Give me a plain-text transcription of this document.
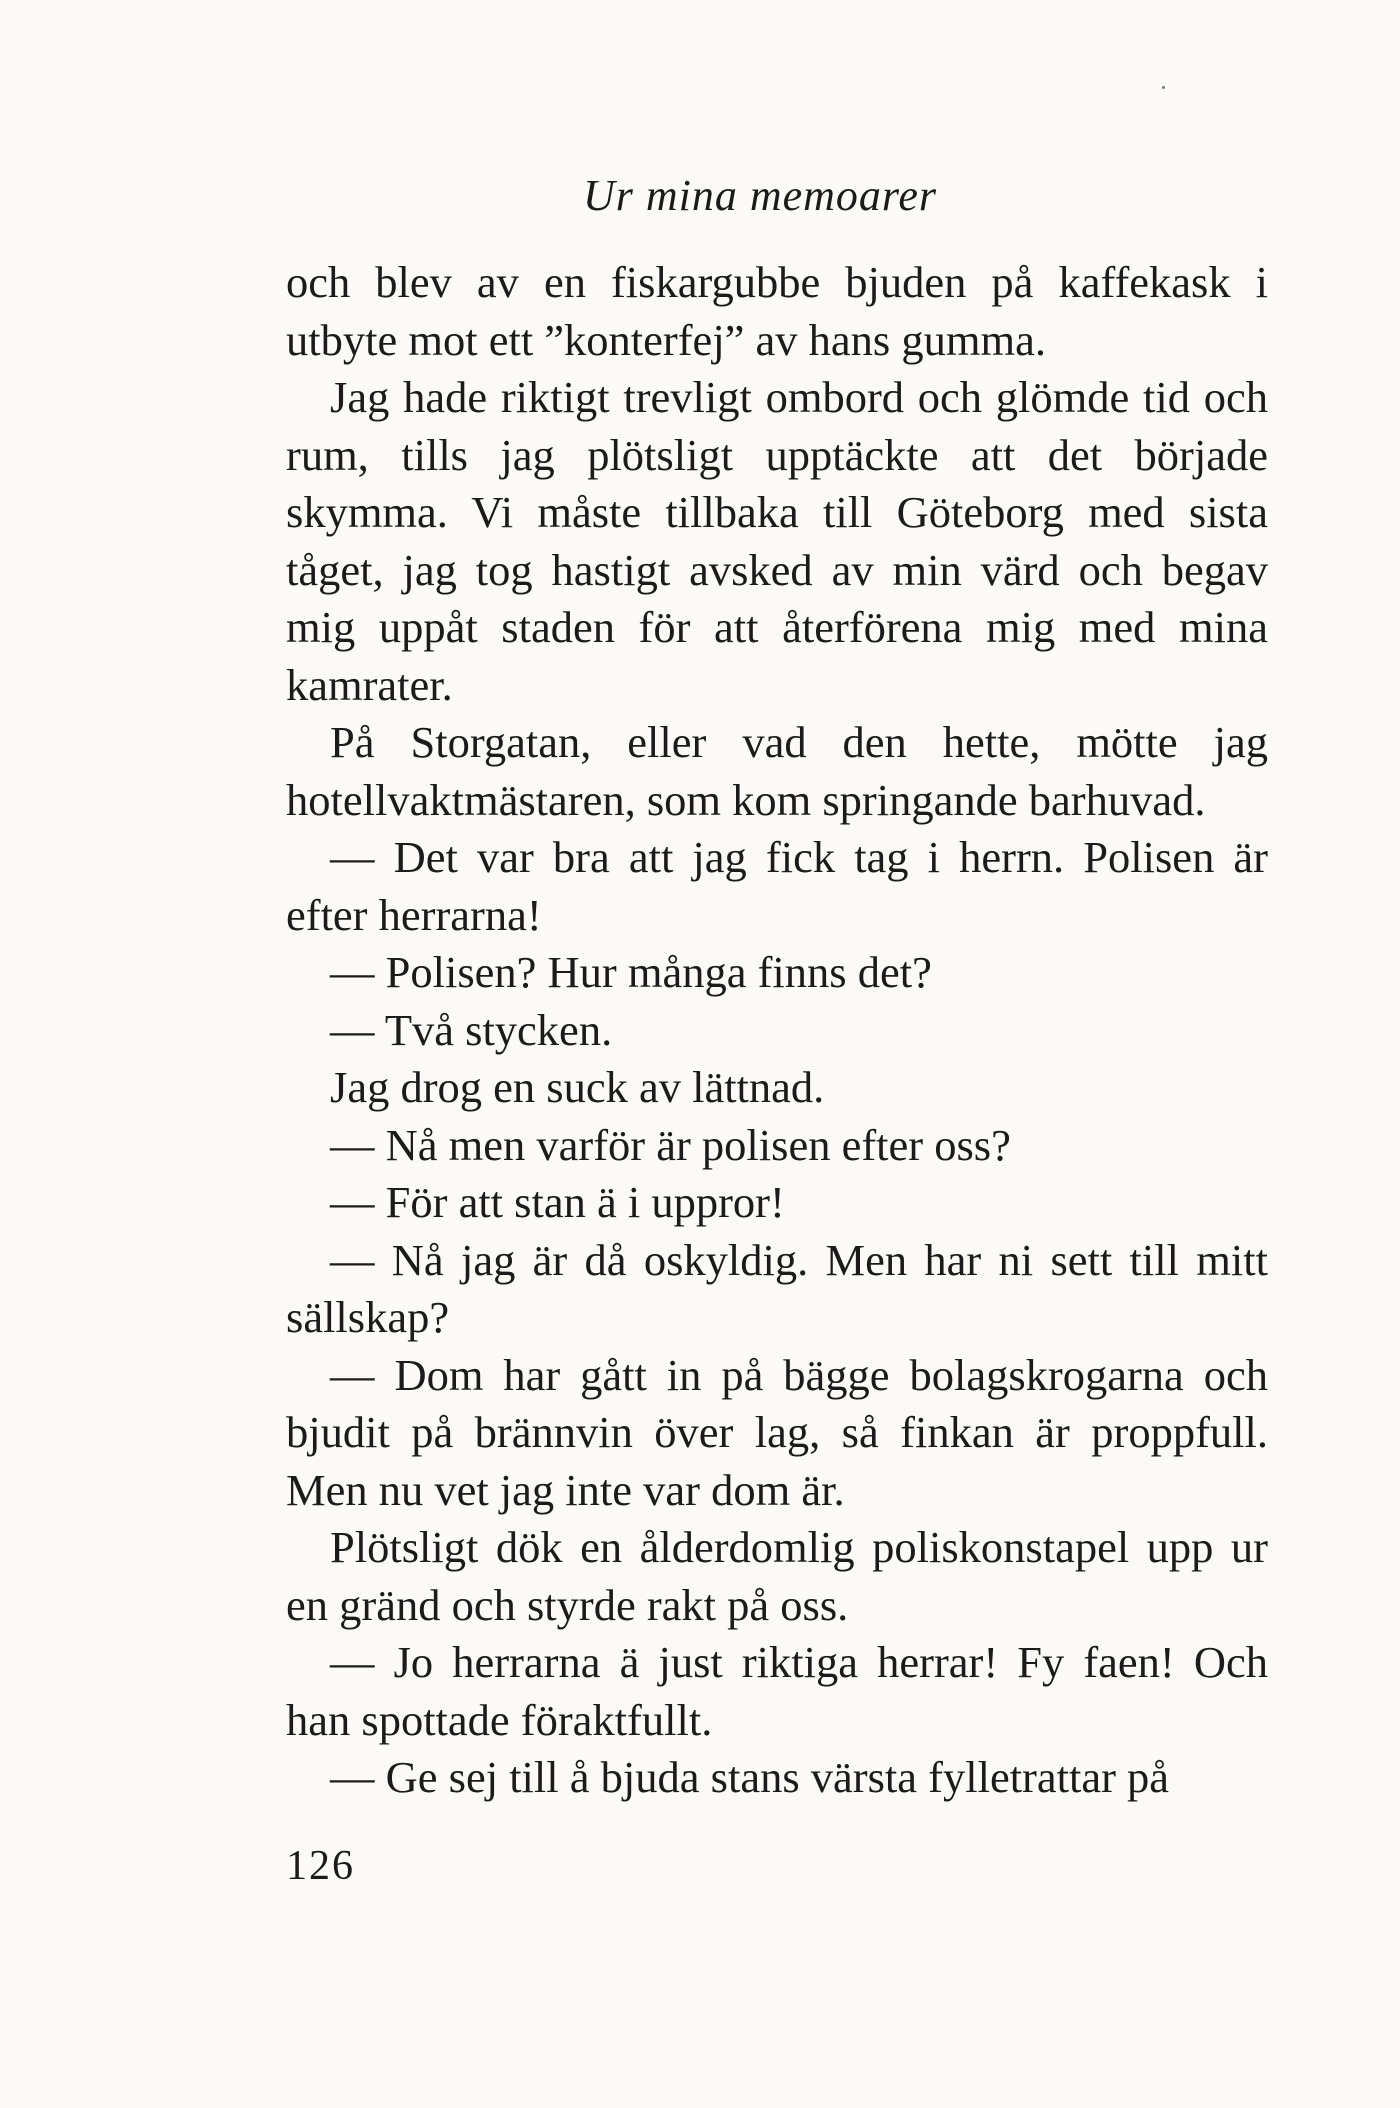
Ur mina memoarer

och blev av en fiskargubbe bjuden på kaffekask i utbyte mot ett ”konterfej” av hans gumma.

Jag hade riktigt trevligt ombord och glömde tid och rum, tills jag plötsligt upptäckte att det började skymma. Vi måste tillbaka till Göteborg med sista tåget, jag tog hastigt avsked av min värd och begav mig uppåt staden för att återförena mig med mina kamrater.

På Storgatan, eller vad den hette, mötte jag hotellvaktmästaren, som kom springande barhuvad.

— Det var bra att jag fick tag i herrn. Polisen är efter herrarna!

— Polisen? Hur många finns det?

— Två stycken.

Jag drog en suck av lättnad.

— Nå men varför är polisen efter oss?

— För att stan ä i uppror!

— Nå jag är då oskyldig. Men har ni sett till mitt sällskap?

— Dom har gått in på bägge bolagskrogarna och bjudit på brännvin över lag, så finkan är proppfull. Men nu vet jag inte var dom är.

Plötsligt dök en ålderdomlig poliskonstapel upp ur en gränd och styrde rakt på oss.

— Jo herrarna ä just riktiga herrar! Fy faen! Och han spottade föraktfullt.

— Ge sej till å bjuda stans värsta fylletrattar på

126
